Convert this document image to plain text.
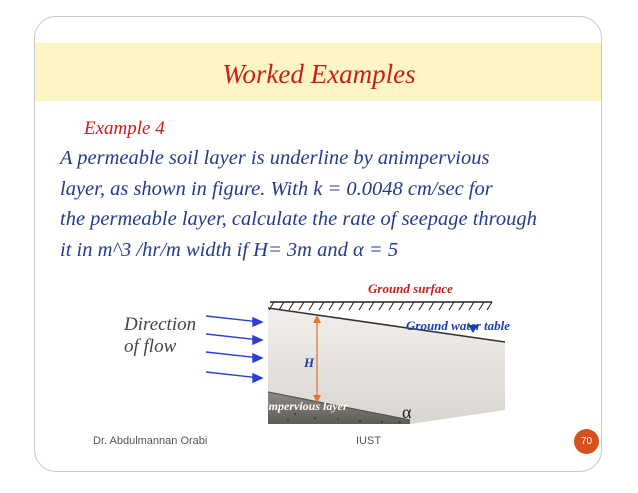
Worked Examples
Example 4

A permeable soil layer is underline by animpervious
layer, as shown in figure. With k = 0.0048 cm/sec for
the permeable layer, calculate the rate of seepage through
it in m^3 /hr/m width if H= 3m and α = 5

Ground surface
Ground water table
H
Impervious layer	α
Direction
of flow
Dr. Abdulmannan Orabi	IUST	70
